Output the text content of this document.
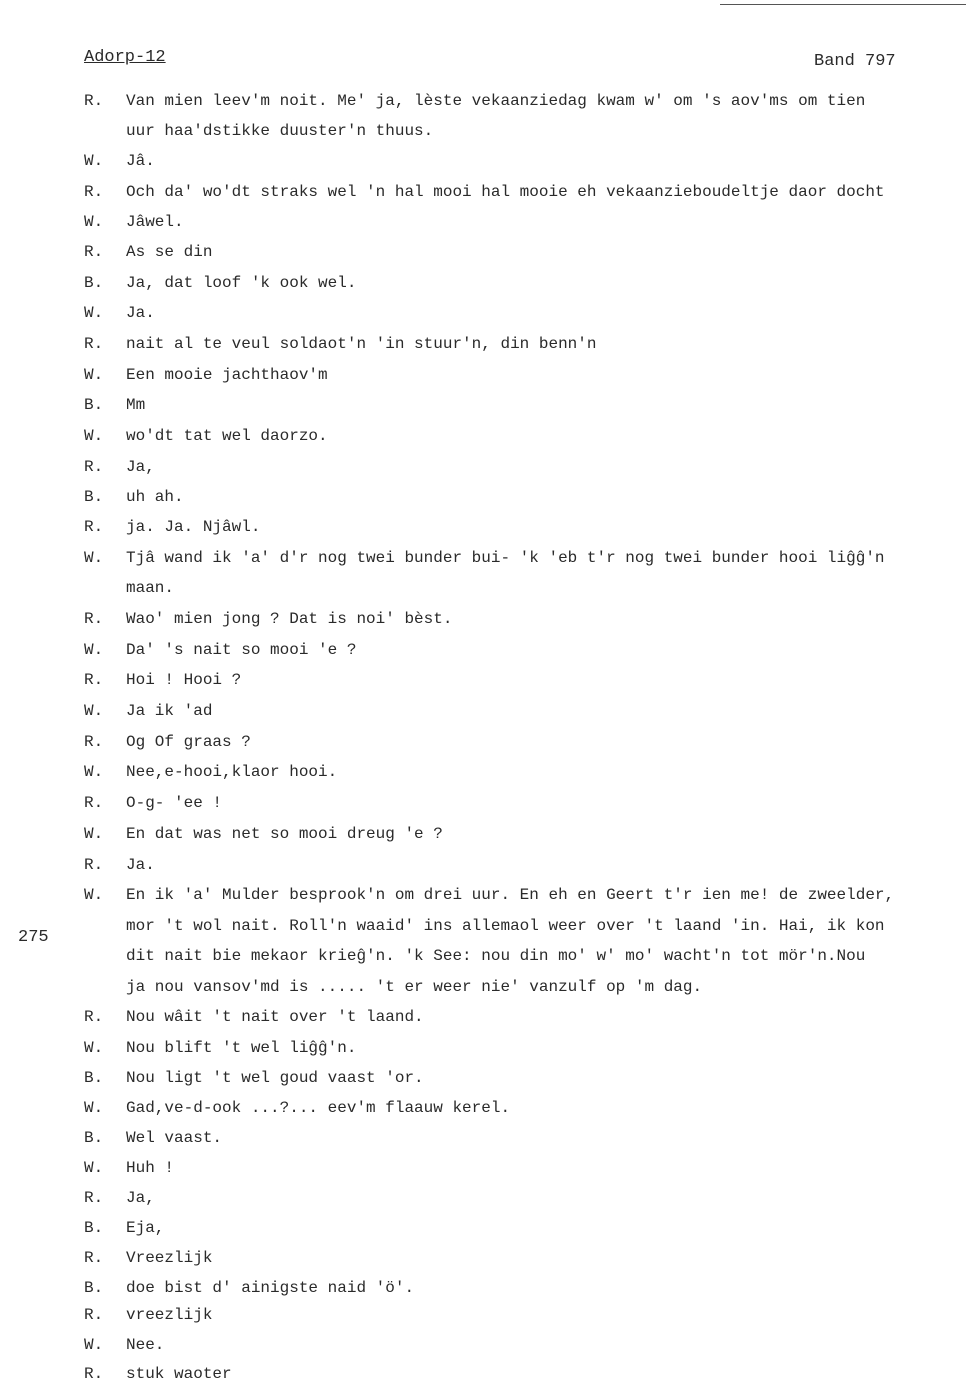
Adorp-12	Band 797
275
R. Van mien leev'm noit. Me' ja, lèste vekaanziedag kwam w' om 's aov'ms om tien
uur haa'dstikke duuster'n thuus.
W. Jâ.
R. Och da' wo'dt straks wel 'n hal mooi hal mooie eh vekaanzieboudeltje daor docht
W. Jâwel.
R. As se din
B. Ja, dat loof 'k ook wel.
W. Ja.
R. nait al te veul soldaot'n 'in stuur'n, din benn'n
W. Een mooie jachthaov'm
B. Mm
W. wo'dt tat wel daorzo.
R. Ja,
B. uh ah.
R. ja. Ja. Njâwl.
W. Tjâ wand ik 'a' d'r nog twei bunder bui- 'k 'eb t'r nog twei bunder hooi liĝĝ'n
maan.
R. Wao' mien jong ? Dat is noi' bèst.
W. Da' 's nait so mooi 'e ?
R. Hoi ! Hooi ?
W. Ja ik 'ad
R. Og Of graas ?
W. Nee,e-hooi,klaor hooi.
R. O-g- 'ee !
W. En dat was net so mooi dreug 'e ?
R. Ja.
W. En ik 'a' Mulder besprook'n om drei uur. En eh en Geert t'r ien me! de zweelder,
mor 't wol nait. Roll'n waaid' ins allemaol weer over 't laand 'in. Hai, ik kon
dit nait bie mekaor krieĝ'n. 'k See: nou din mo' w' mo' wacht'n tot mör'n.Nou
ja nou vansov'md is ..... 't er weer nie' vanzulf op 'm dag.
R. Nou wâit 't nait over 't laand.
W. Nou blift 't wel liĝĝ'n.
B. Nou ligt 't wel goud vaast 'or.
W. Gad,ve-d-ook ...?... eev'm flaauw kerel.
B. Wel vaast.
W. Huh !
R. Ja,
B. Eja,
R. Vreezlijk
B. doe bist d' ainigste naid 'ö'.
R. vreezlijk
W. Nee.
R. stuk waoter
